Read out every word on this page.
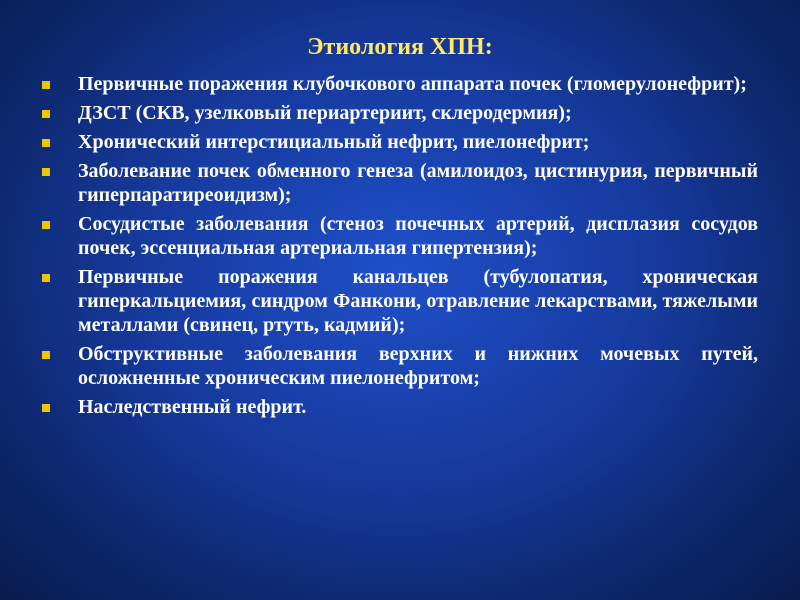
Этиология ХПН:
Первичные поражения клубочкового аппарата почек (гломерулонефрит);
ДЗСТ (СКВ, узелковый периартериит, склеродермия);
Хронический интерстициальный нефрит, пиелонефрит;
Заболевание почек обменного генеза (амилоидоз, цистинурия, первичный гиперпаратиреоидизм);
Сосудистые заболевания (стеноз почечных артерий, дисплазия сосудов почек, эссенциальная артериальная гипертензия);
Первичные поражения канальцев (тубулопатия, хроническая гиперкальциемия, синдром Фанкони, отравление лекарствами, тяжелыми металлами (свинец, ртуть, кадмий);
Обструктивные заболевания верхних и нижних мочевых путей, осложненные хроническим пиелонефритом;
Наследственный нефрит.
